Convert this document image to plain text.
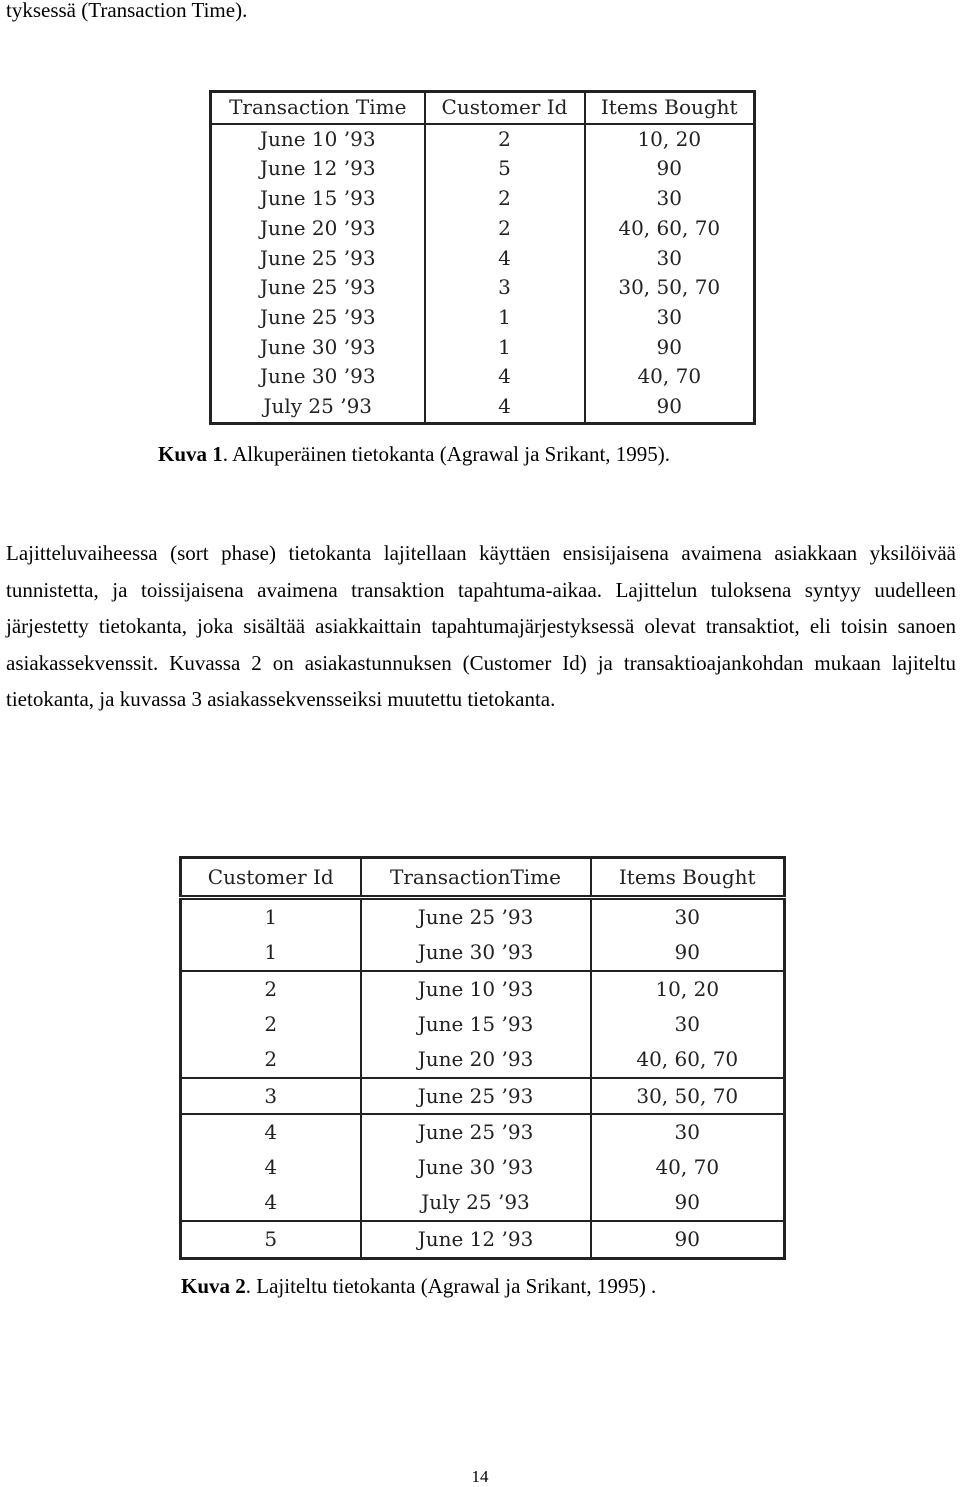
tyksessä (Transaction Time).
Transaction Time	Customer Id	Items Bought
June 10 ’93	2	10, 20
June 12 ’93	5	90
June 15 ’93	2	30
June 20 ’93	2	40, 60, 70
June 25 ’93	4	30
June 25 ’93	3	30, 50, 70
June 25 ’93	1	30
June 30 ’93	1	90
June 30 ’93	4	40, 70
July 25 ’93	4	90
Kuva 1. Alkuperäinen tietokanta (Agrawal ja Srikant, 1995).

Lajitteluvaiheessa (sort phase) tietokanta lajitellaan käyttäen ensisijaisena avaimena asiakkaan yksilöivää tunnistetta, ja toissijaisena avaimena transaktion tapahtuma-aikaa. Lajittelun tuloksena syntyy uudelleen järjestetty tietokanta, joka sisältää asiakkaittain tapahtumajärjestyksessä olevat transaktiot, eli toisin sanoen asiakassekvenssit. Kuvassa 2 on asiakastunnuksen (Customer Id) ja transaktioajankohdan mukaan lajiteltu tietokanta, ja kuvassa 3 asiakassekvensseiksi muutettu tietokanta.

Customer Id	TransactionTime	Items Bought
1	June 25 ’93	30
1	June 30 ’93	90
2	June 10 ’93	10, 20
2	June 15 ’93	30
2	June 20 ’93	40, 60, 70
3	June 25 ’93	30, 50, 70
4	June 25 ’93	30
4	June 30 ’93	40, 70
4	July 25 ’93	90
5	June 12 ’93	90
Kuva 2. Lajiteltu tietokanta (Agrawal ja Srikant, 1995) .
14
